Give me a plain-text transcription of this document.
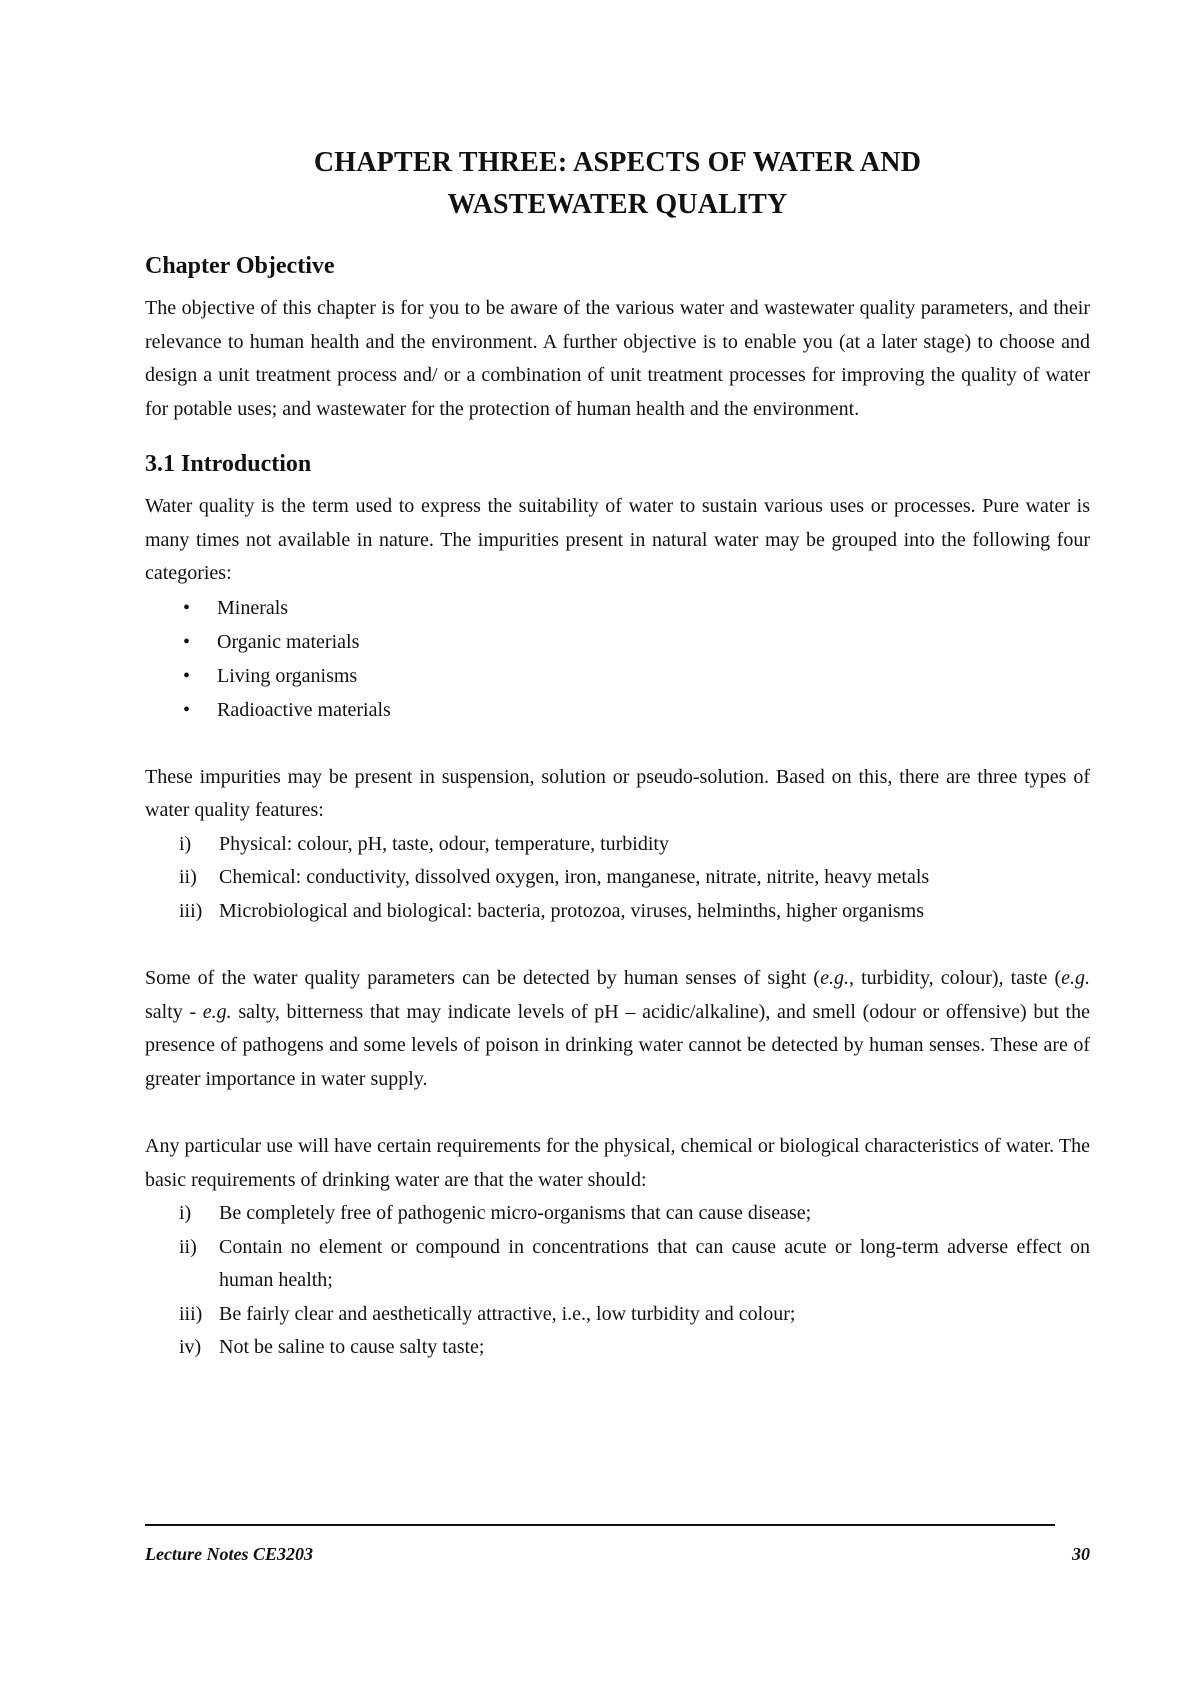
CHAPTER THREE: ASPECTS OF WATER AND
WASTEWATER QUALITY
Chapter Objective

The objective of this chapter is for you to be aware of the various water and wastewater quality parameters, and their relevance to human health and the environment. A further objective is to enable you (at a later stage) to choose and design a unit treatment process and/ or a combination of unit treatment processes for improving the quality of water for potable uses; and wastewater for the protection of human health and the environment.

3.1 Introduction

Water quality is the term used to express the suitability of water to sustain various uses or processes. Pure water is many times not available in nature. The impurities present in natural water may be grouped into the following four categories:

• Minerals
• Organic materials
• Living organisms
• Radioactive materials

These impurities may be present in suspension, solution or pseudo-solution. Based on this, there are three types of water quality features:

i) Physical: colour, pH, taste, odour, temperature, turbidity
ii) Chemical: conductivity, dissolved oxygen, iron, manganese, nitrate, nitrite, heavy metals
iii) Microbiological and biological: bacteria, protozoa, viruses, helminths, higher organisms

Some of the water quality parameters can be detected by human senses of sight (e.g., turbidity, colour), taste (e.g. salty - e.g. salty, bitterness that may indicate levels of pH – acidic/alkaline), and smell (odour or offensive) but the presence of pathogens and some levels of poison in drinking water cannot be detected by human senses. These are of greater importance in water supply.

Any particular use will have certain requirements for the physical, chemical or biological characteristics of water. The basic requirements of drinking water are that the water should:

i) Be completely free of pathogenic micro-organisms that can cause disease;
ii) Contain no element or compound in concentrations that can cause acute or long-term adverse effect on human health;
iii) Be fairly clear and aesthetically attractive, i.e., low turbidity and colour;
iv) Not be saline to cause salty taste;
Lecture Notes CE3203	30
